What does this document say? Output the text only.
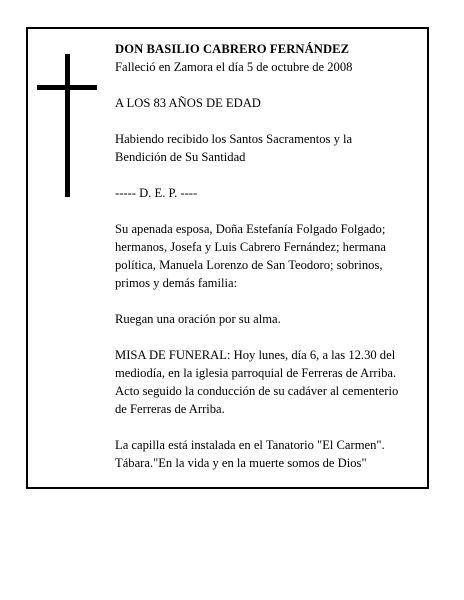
DON BASILIO CABRERO FERNÁNDEZ

Falleció en Zamora el día 5 de octubre de 2008

A LOS 83 AÑOS DE EDAD

Habiendo recibido los Santos Sacramentos y la
Bendición de Su Santidad

----- D. E. P. ----

Su apenada esposa, Doña Estefanía Folgado Folgado;
hermanos, Josefa y Luis Cabrero Fernández; hermana
política, Manuela Lorenzo de San Teodoro; sobrinos,
primos y demás familia:

Ruegan una oración por su alma.

MISA DE FUNERAL: Hoy lunes, día 6, a las 12.30 del
mediodía, en la iglesia parroquial de Ferreras de Arriba.
Acto seguido la conducción de su cadáver al cementerio
de Ferreras de Arriba.

La capilla está instalada en el Tanatorio "El Carmen".
Tábara."En la vida y en la muerte somos de Dios"
